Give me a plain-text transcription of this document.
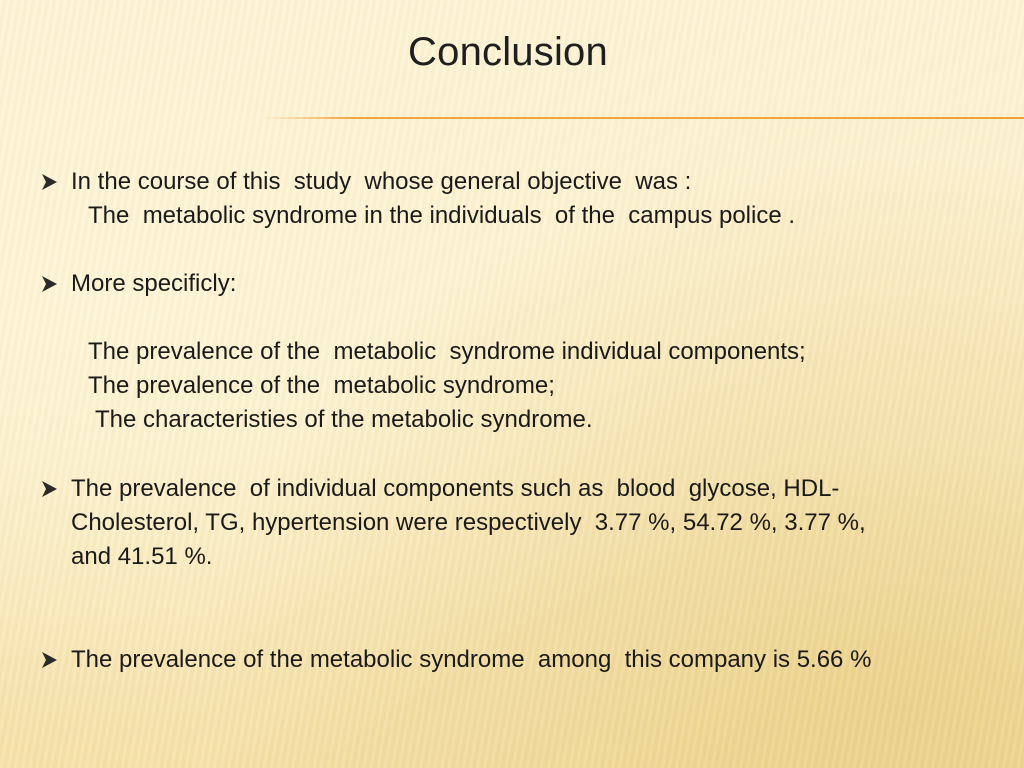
Conclusion
In the course of this  study  whose general objective  was :
The  metabolic syndrome in the individuals  of the  campus police .
More specificly:
The prevalence of the  metabolic  syndrome individual components;
The prevalence of the  metabolic syndrome;
The characteristies of the metabolic syndrome.
The prevalence  of individual components such as  blood  glycose, HDL-
Cholesterol, TG, hypertension were respectively  3.77 %, 54.72 %, 3.77 %,
and 41.51 %.
The prevalence of the metabolic syndrome  among  this company is 5.66 %
